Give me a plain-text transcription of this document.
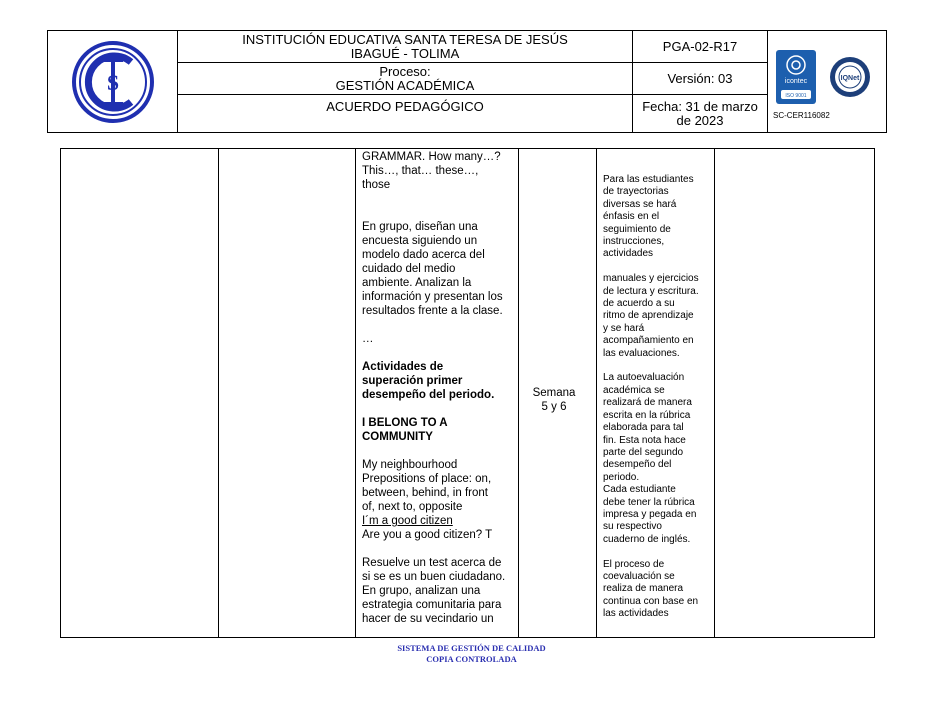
S
INSTITUCIÓN EDUCATIVA SANTA TERESA DE JESÚS
IBAGUÉ - TOLIMA
Proceso:
GESTIÓN ACADÉMICA
ACUERDO PEDAGÓGICO
PGA-02-R17
Versión: 03
Fecha: 31 de marzo
de 2023
icontec
ISO 9001
IQNet
SC-CER116082

GRAMMAR. How many…?
This…, that… these…,
those

En grupo, diseñan una
encuesta siguiendo un
modelo dado acerca del
cuidado del medio
ambiente. Analizan la
información y presentan los
resultados frente a la clase.

…

Actividades de
superación primer
desempeño del periodo.

I BELONG TO A
COMMUNITY

My neighbourhood
Prepositions of place: on,
between, behind, in front
of, next to, opposite
I´m a good citizen
Are you a good citizen? T

Resuelve un test acerca de
si se es un buen ciudadano.
En grupo, analizan una
estrategia comunitaria para
hacer de su vecindario un

Semana
5 y 6

Para las estudiantes
de trayectorias
diversas se hará
énfasis en el
seguimiento de
instrucciones,
actividades

manuales y ejercicios
de lectura y escritura.
de acuerdo a su
ritmo de aprendizaje
y se hará
acompañamiento en
las evaluaciones.

La autoevaluación
académica se
realizará de manera
escrita en la rúbrica
elaborada para tal
fin. Esta nota hace
parte del segundo
desempeño del
periodo.
Cada estudiante
debe tener la rúbrica
impresa y pegada en
su respectivo
cuaderno de inglés.

El proceso de
coevaluación se
realiza de manera
continua con base en
las actividades

SISTEMA DE GESTIÓN DE CALIDAD
COPIA CONTROLADA
